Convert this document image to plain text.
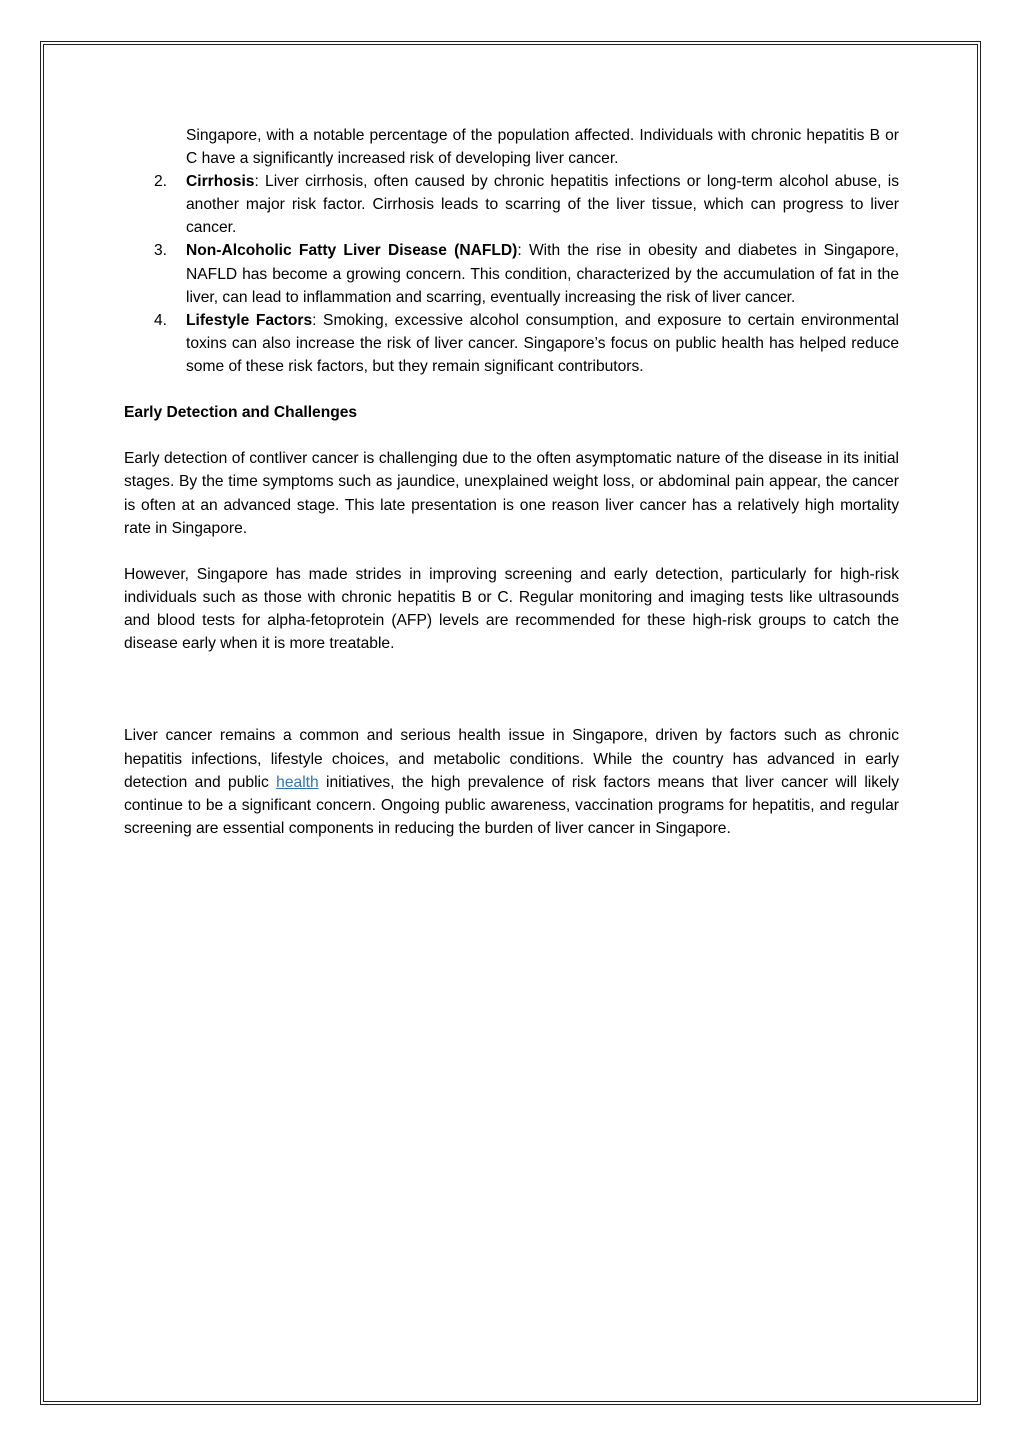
Singapore, with a notable percentage of the population affected. Individuals with chronic hepatitis B or C have a significantly increased risk of developing liver cancer.

2. Cirrhosis: Liver cirrhosis, often caused by chronic hepatitis infections or long-term alcohol abuse, is another major risk factor. Cirrhosis leads to scarring of the liver tissue, which can progress to liver cancer.
3. Non-Alcoholic Fatty Liver Disease (NAFLD): With the rise in obesity and diabetes in Singapore, NAFLD has become a growing concern. This condition, characterized by the accumulation of fat in the liver, can lead to inflammation and scarring, eventually increasing the risk of liver cancer.
4. Lifestyle Factors: Smoking, excessive alcohol consumption, and exposure to certain environmental toxins can also increase the risk of liver cancer. Singapore’s focus on public health has helped reduce some of these risk factors, but they remain significant contributors.

Early Detection and Challenges

Early detection of contliver cancer is challenging due to the often asymptomatic nature of the disease in its initial stages. By the time symptoms such as jaundice, unexplained weight loss, or abdominal pain appear, the cancer is often at an advanced stage. This late presentation is one reason liver cancer has a relatively high mortality rate in Singapore.

However, Singapore has made strides in improving screening and early detection, particularly for high-risk individuals such as those with chronic hepatitis B or C. Regular monitoring and imaging tests like ultrasounds and blood tests for alpha-fetoprotein (AFP) levels are recommended for these high-risk groups to catch the disease early when it is more treatable.

Liver cancer remains a common and serious health issue in Singapore, driven by factors such as chronic hepatitis infections, lifestyle choices, and metabolic conditions. While the country has advanced in early detection and public health initiatives, the high prevalence of risk factors means that liver cancer will likely continue to be a significant concern. Ongoing public awareness, vaccination programs for hepatitis, and regular screening are essential components in reducing the burden of liver cancer in Singapore.
